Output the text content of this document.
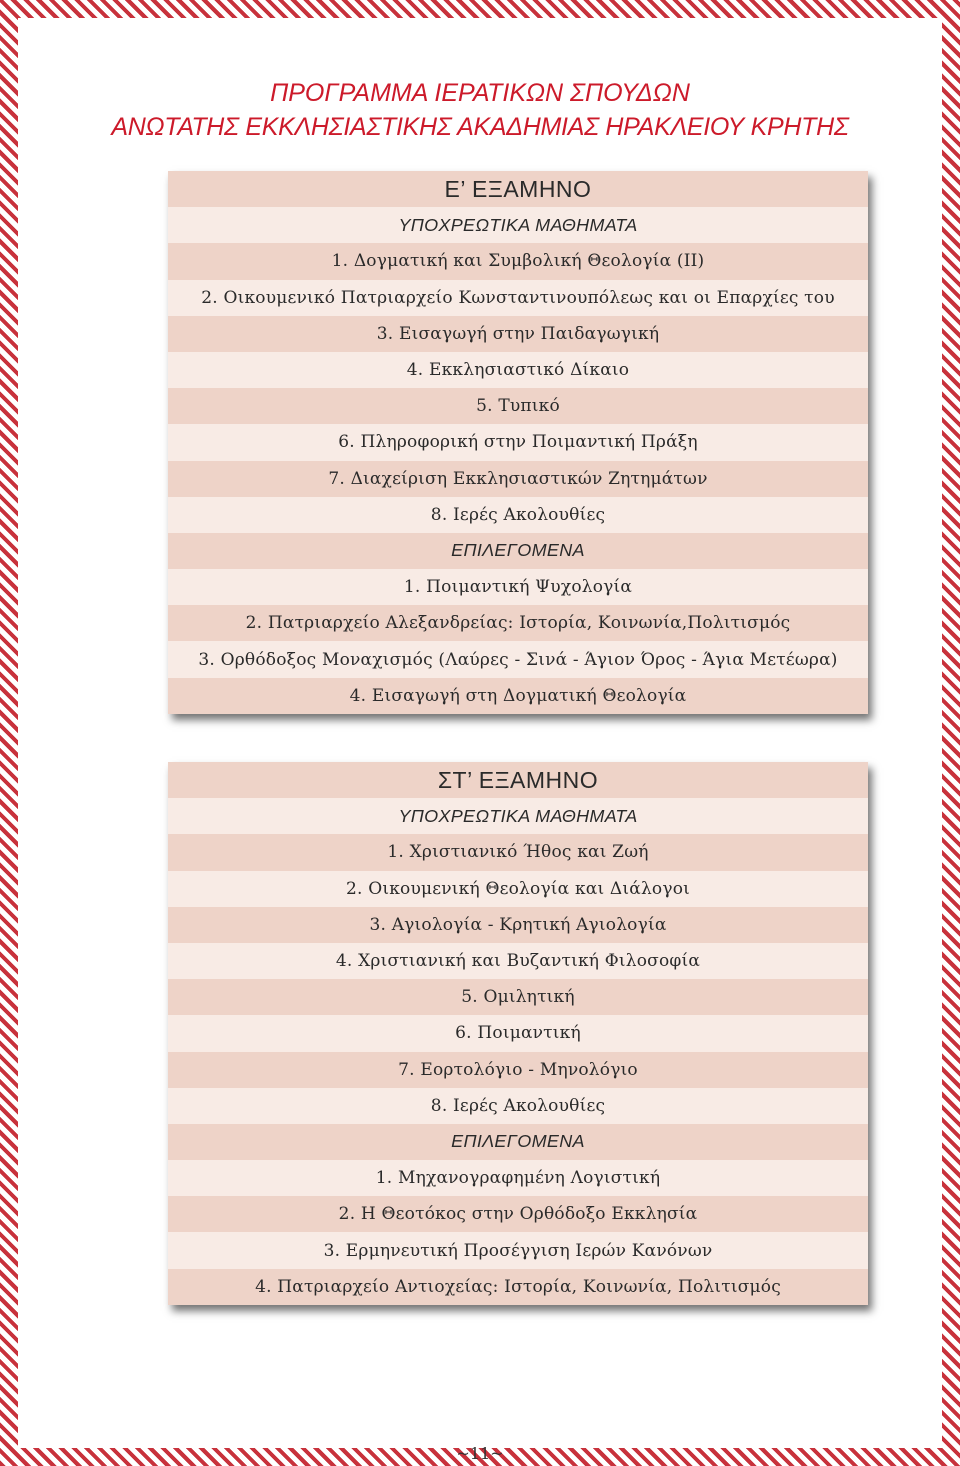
ΠΡΟΓΡΑΜΜΑ ΙΕΡΑΤΙΚΩΝ ΣΠΟΥΔΩΝ
ΑΝΩΤΑΤΗΣ ΕΚΚΛΗΣΙΑΣΤΙΚΗΣ ΑΚΑΔΗΜΙΑΣ ΗΡΑΚΛΕΙΟΥ ΚΡΗΤΗΣ
Ε’ ΕΞΑΜΗΝΟ
ΥΠΟΧΡΕΩΤΙΚΑ ΜΑΘΗΜΑΤΑ
1. Δογματική και Συμβολική Θεολογία (ΙΙ)
2. Οικουμενικό Πατριαρχείο Κωνσταντινουπόλεως και οι Επαρχίες του
3. Εισαγωγή στην Παιδαγωγική
4. Εκκλησιαστικό Δίκαιο
5. Τυπικό
6. Πληροφορική στην Ποιμαντική Πράξη
7. Διαχείριση Εκκλησιαστικών Ζητημάτων
8. Ιερές Ακολουθίες
ΕΠΙΛΕΓΟΜΕΝΑ
1. Ποιμαντική Ψυχολογία
2. Πατριαρχείο Αλεξανδρείας: Ιστορία, Κοινωνία,Πολιτισμός
3. Ορθόδοξος Μοναχισμός (Λαύρες - Σινά - Άγιον Όρος - Άγια Μετέωρα)
4. Εισαγωγή στη Δογματική Θεολογία
ΣΤ’ ΕΞΑΜΗΝΟ
ΥΠΟΧΡΕΩΤΙΚΑ ΜΑΘΗΜΑΤΑ
1. Χριστιανικό Ήθος και Ζωή
2. Οικουμενική Θεολογία και Διάλογοι
3. Αγιολογία - Κρητική Αγιολογία
4. Χριστιανική και Βυζαντική Φιλοσοφία
5. Ομιλητική
6. Ποιμαντική
7. Εορτολόγιο - Μηνολόγιο
8. Ιερές Ακολουθίες
ΕΠΙΛΕΓΟΜΕΝΑ
1. Μηχανογραφημένη Λογιστική
2. Η Θεοτόκος στην Ορθόδοξο Εκκλησία
3. Ερμηνευτική Προσέγγιση Ιερών Κανόνων
4. Πατριαρχείο Αντιοχείας: Ιστορία, Κοινωνία, Πολιτισμός
~11~
